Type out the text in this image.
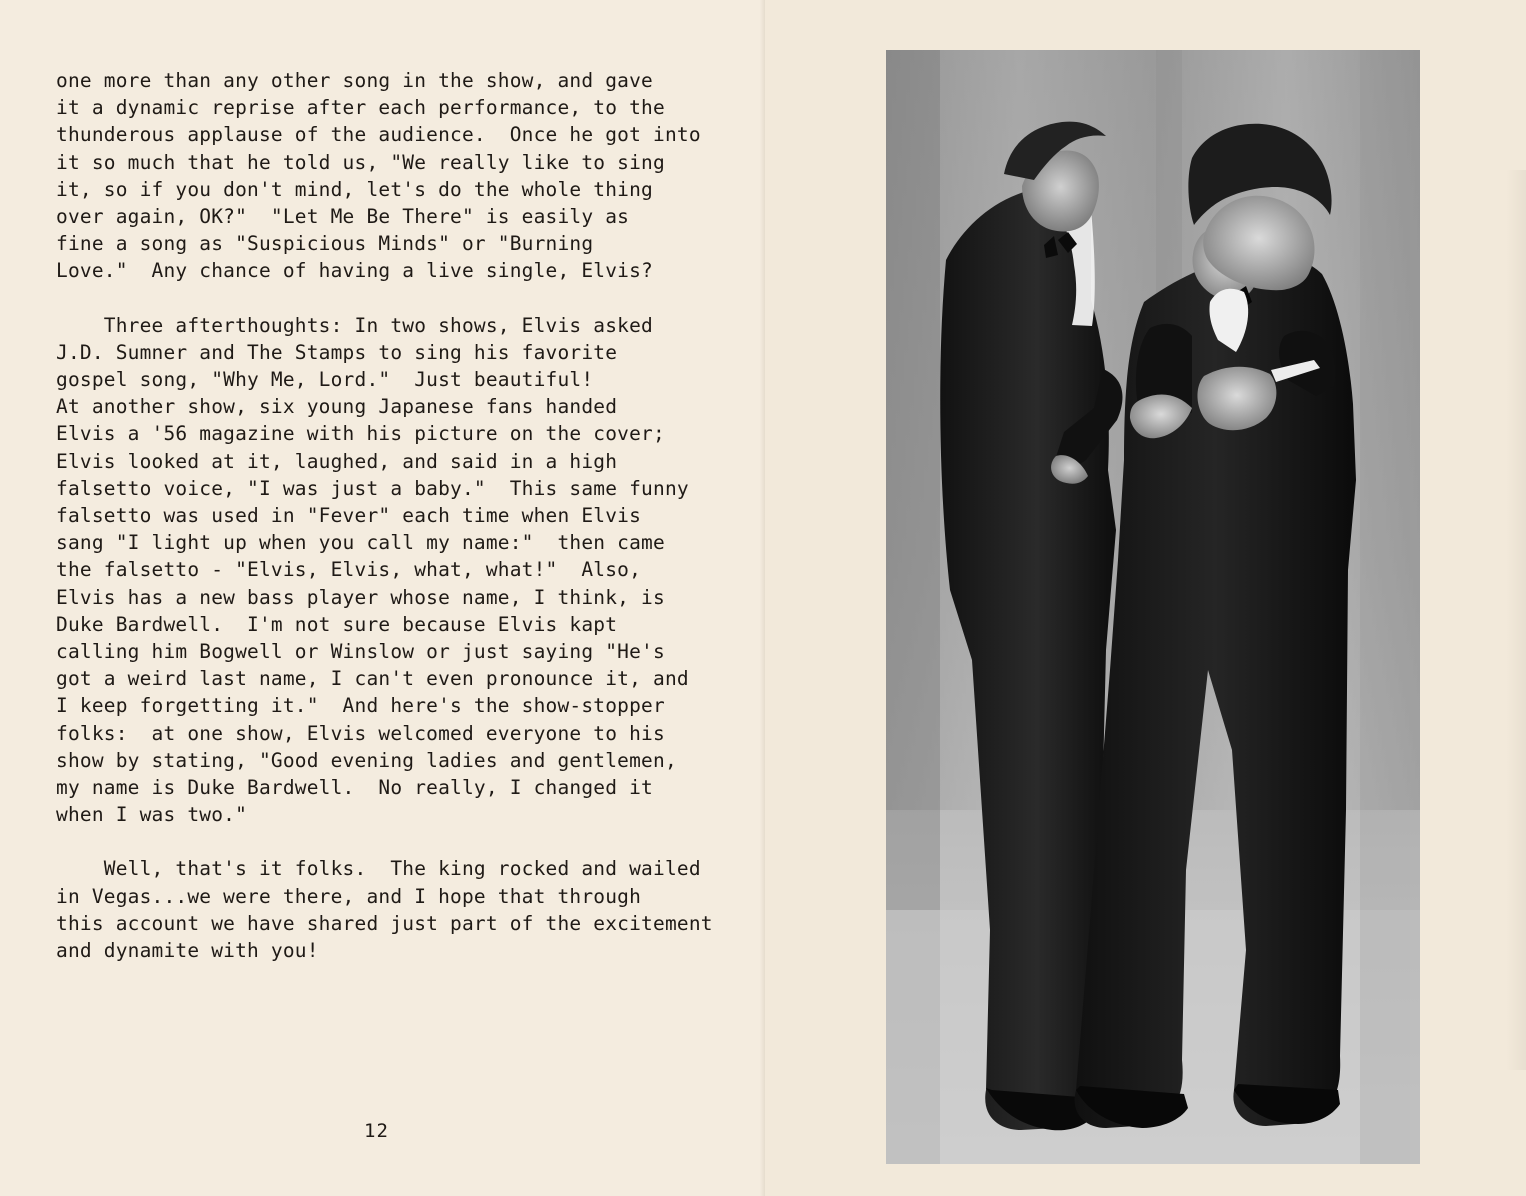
one more than any other song in the show, and gave
it a dynamic reprise after each performance, to the
thunderous applause of the audience.  Once he got into
it so much that he told us, "We really like to sing
it, so if you don't mind, let's do the whole thing
over again, OK?"  "Let Me Be There" is easily as
fine a song as "Suspicious Minds" or "Burning
Love."  Any chance of having a live single, Elvis?
Three afterthoughts: In two shows, Elvis asked
J.D. Sumner and The Stamps to sing his favorite
gospel song, "Why Me, Lord."  Just beautiful!
At another show, six young Japanese fans handed
Elvis a '56 magazine with his picture on the cover;
Elvis looked at it, laughed, and said in a high
falsetto voice, "I was just a baby."  This same funny
falsetto was used in "Fever" each time when Elvis
sang "I light up when you call my name:"  then came
the falsetto - "Elvis, Elvis, what, what!"  Also,
Elvis has a new bass player whose name, I think, is
Duke Bardwell.  I'm not sure because Elvis kapt
calling him Bogwell or Winslow or just saying "He's
got a weird last name, I can't even pronounce it, and
I keep forgetting it."  And here's the show-stopper
folks:  at one show, Elvis welcomed everyone to his
show by stating, "Good evening ladies and gentlemen,
my name is Duke Bardwell.  No really, I changed it
when I was two."
Well, that's it folks.  The king rocked and wailed
in Vegas...we were there, and I hope that through
this account we have shared just part of the excitement
and dynamite with you!
12
